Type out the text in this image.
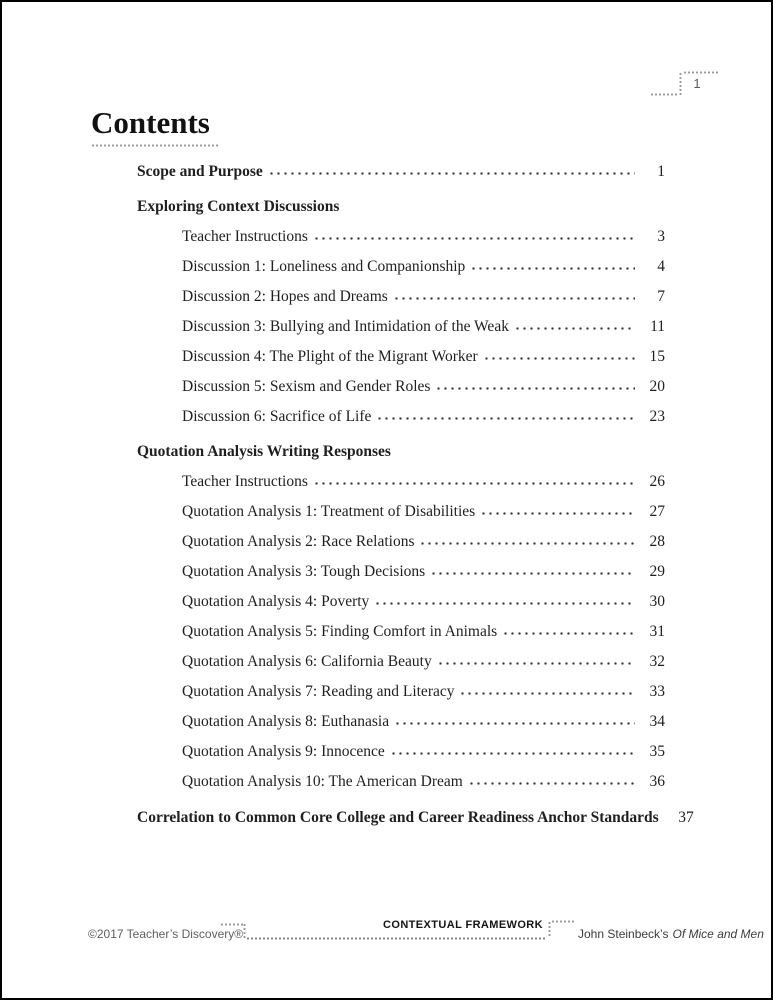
1
Contents
Scope and Purpose	1
Exploring Context Discussions
Teacher Instructions	3
Discussion 1: Loneliness and Companionship	4
Discussion 2: Hopes and Dreams	7
Discussion 3: Bullying and Intimidation of the Weak	11
Discussion 4: The Plight of the Migrant Worker	15
Discussion 5: Sexism and Gender Roles	20
Discussion 6: Sacrifice of Life	23
Quotation Analysis Writing Responses
Teacher Instructions	26
Quotation Analysis 1: Treatment of Disabilities	27
Quotation Analysis 2: Race Relations	28
Quotation Analysis 3: Tough Decisions	29
Quotation Analysis 4: Poverty	30
Quotation Analysis 5: Finding Comfort in Animals	31
Quotation Analysis 6: California Beauty	32
Quotation Analysis 7: Reading and Literacy	33
Quotation Analysis 8: Euthanasia	34
Quotation Analysis 9: Innocence	35
Quotation Analysis 10: The American Dream	36
Correlation to Common Core College and Career Readiness Anchor Standards	37
©2017 Teacher’s Discovery®
CONTEXTUAL FRAMEWORK
John Steinbeck’s Of Mice and Men
